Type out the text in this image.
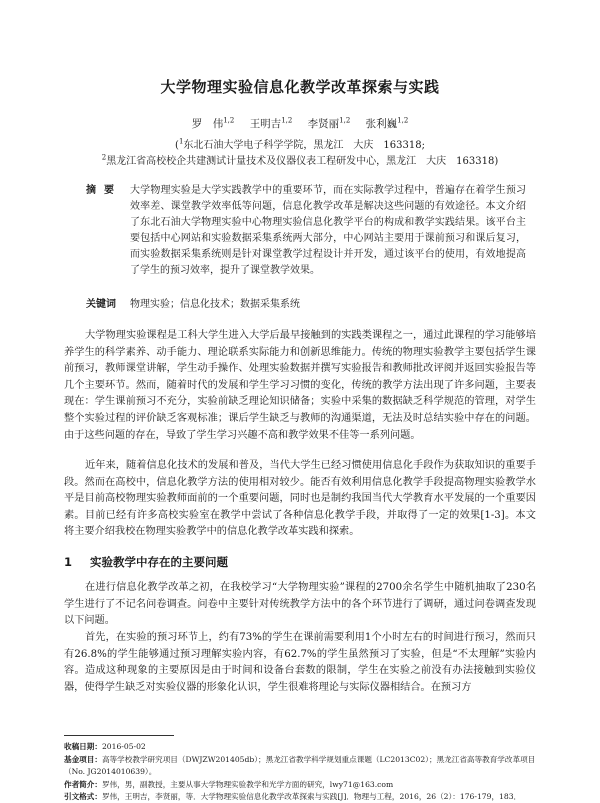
大学物理实验信息化教学改革探索与实践
罗　伟$^{1,2}$ 王明吉$^{1,2}$ 李贤丽$^{1,2}$ 张利巍$^{1,2}$
($^1$东北石油大学电子科学学院，黑龙江　大庆　163318;
$^2$黑龙江省高校校企共建测试计量技术及仪器仪表工程研发中心，黑龙江　大庆　163318)
摘要 大学物理实验是大学实践教学中的重要环节，而在实际教学过程中，普遍存在着学生预习效率差、课堂教学效率低等问题，信息化教学改革是解决这些问题的有效途径。本文介绍了东北石油大学物理实验中心物理实验信息化教学平台的构成和教学实践结果。该平台主要包括中心网站和实验数据采集系统两大部分，中心网站主要用于课前预习和课后复习，而实验数据采集系统则是针对课堂教学过程设计并开发，通过该平台的使用，有效地提高了学生的预习效率，提升了课堂教学效果。
关键词 物理实验；信息化技术；数据采集系统
大学物理实验课程是工科大学生进入大学后最早接触到的实践类课程之一，通过此课程的学习能够培养学生的科学素养、动手能力、理论联系实际能力和创新思维能力。传统的物理实验教学主要包括学生课前预习，教师课堂讲解，学生动手操作、处理实验数据并撰写实验报告和教师批改评阅并返回实验报告等几个主要环节。然而，随着时代的发展和学生学习习惯的变化，传统的教学方法出现了许多问题，主要表现在：学生课前预习不充分，实验前缺乏理论知识储备；实验中采集的数据缺乏科学规范的管理，对学生整个实验过程的评价缺乏客观标准；课后学生缺乏与教师的沟通渠道，无法及时总结实验中存在的问题。由于这些问题的存在，导致了学生学习兴趣不高和教学效果不佳等一系列问题。
近年来，随着信息化技术的发展和普及，当代大学生已经习惯使用信息化手段作为获取知识的重要手段。然而在高校中，信息化教学方法的使用相对较少。能否有效利用信息化教学手段提高物理实验教学水平是目前高校物理实验教师面前的一个重要问题，同时也是制约我国当代大学教育水平发展的一个重要因素。目前已经有许多高校实验室在教学中尝试了各种信息化教学手段，并取得了一定的效果[1-3]。本文将主要介绍我校在物理实验教学中的信息化教学改革实践和探索。
1 实验教学中存在的主要问题
在进行信息化教学改革之初，在我校学习“大学物理实验”课程的2700余名学生中随机抽取了230名学生进行了不记名问卷调查。问卷中主要针对传统教学方法中的各个环节进行了调研，通过问卷调查发现以下问题。
首先，在实验的预习环节上，约有73%的学生在课前需要利用1个小时左右的时间进行预习，然而只有26.8%的学生能够通过预习理解实验内容，有62.7%的学生虽然预习了实验，但是“不太理解”实验内容。造成这种现象的主要原因是由于时间和设备台套数的限制，学生在实验之前没有办法接触到实验仪器，使得学生缺乏对实验仪器的形象化认识，学生很难将理论与实际仪器相结合。在预习方
收稿日期：2016-05-02
基金项目：高等学校教学研究项目（DWJZW201405db）；黑龙江省教学科学规划重点课题（LC2013C02）；黑龙江省高等教育学改革项目（No. JG2014010639）。
作者简介：罗伟，男，副教授，主要从事大学物理实验教学和光学方面的研究，lwy71@163.com
引文格式：罗伟，王明吉，李贤丽，等．大学物理实验信息化教学改革探索与实践[J]．物理与工程，2016，26（2）：176-179，183．
